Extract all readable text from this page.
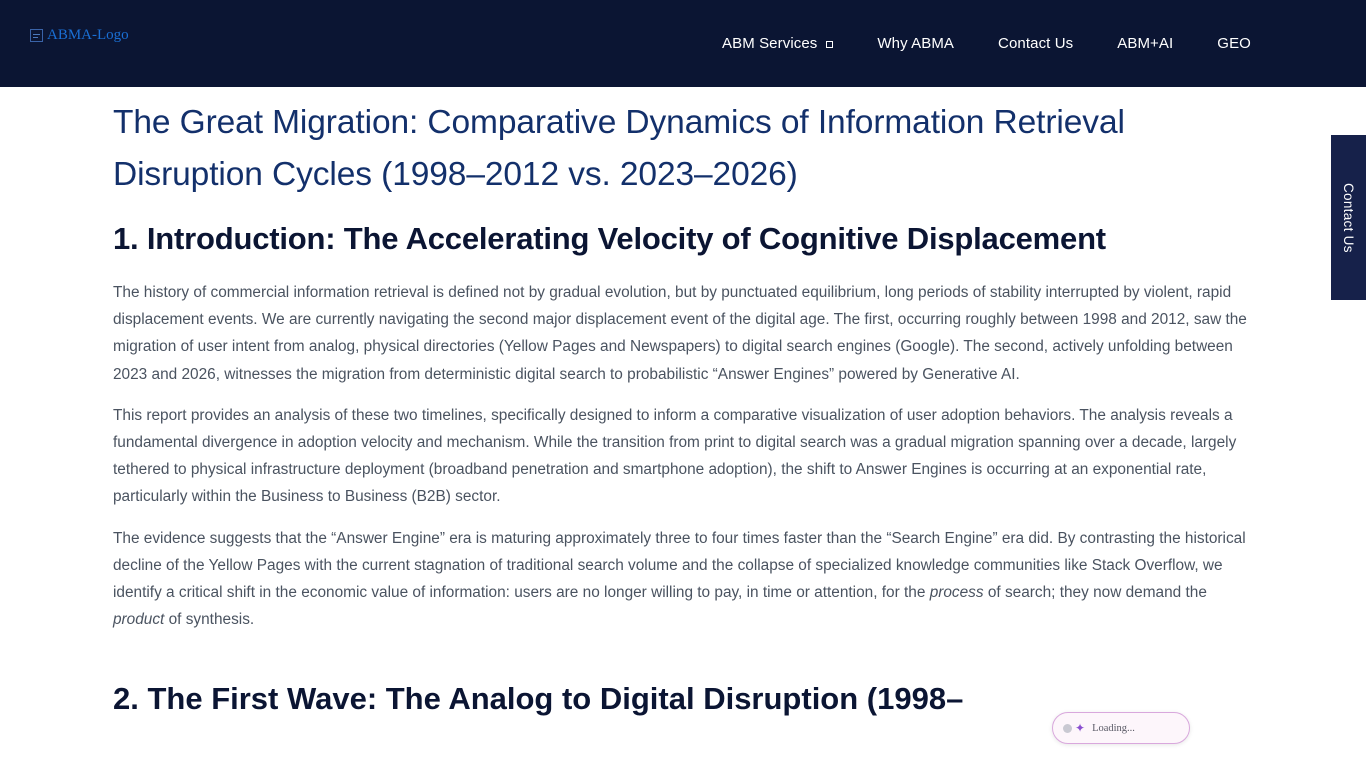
ABMA-Logo	ABM Services	Why ABMA	Contact Us	ABM+AI	GEO
Contact Us
The Great Migration: Comparative Dynamics of Information Retrieval Disruption Cycles (1998–2012 vs. 2023–2026)
1. Introduction: The Accelerating Velocity of Cognitive Displacement

The history of commercial information retrieval is defined not by gradual evolution, but by punctuated equilibrium, long periods of stability interrupted by violent, rapid displacement events. We are currently navigating the second major displacement event of the digital age. The first, occurring roughly between 1998 and 2012, saw the migration of user intent from analog, physical directories (Yellow Pages and Newspapers) to digital search engines (Google). The second, actively unfolding between 2023 and 2026, witnesses the migration from deterministic digital search to probabilistic “Answer Engines” powered by Generative AI.

This report provides an analysis of these two timelines, specifically designed to inform a comparative visualization of user adoption behaviors. The analysis reveals a fundamental divergence in adoption velocity and mechanism. While the transition from print to digital search was a gradual migration spanning over a decade, largely tethered to physical infrastructure deployment (broadband penetration and smartphone adoption), the shift to Answer Engines is occurring at an exponential rate, particularly within the Business to Business (B2B) sector.

The evidence suggests that the “Answer Engine” era is maturing approximately three to four times faster than the “Search Engine” era did. By contrasting the historical decline of the Yellow Pages with the current stagnation of traditional search volume and the collapse of specialized knowledge communities like Stack Overflow, we identify a critical shift in the economic value of information: users are no longer willing to pay, in time or attention, for the process of search; they now demand the product of synthesis.

2. The First Wave: The Analog to Digital Disruption (1998–
✦ Loading...
